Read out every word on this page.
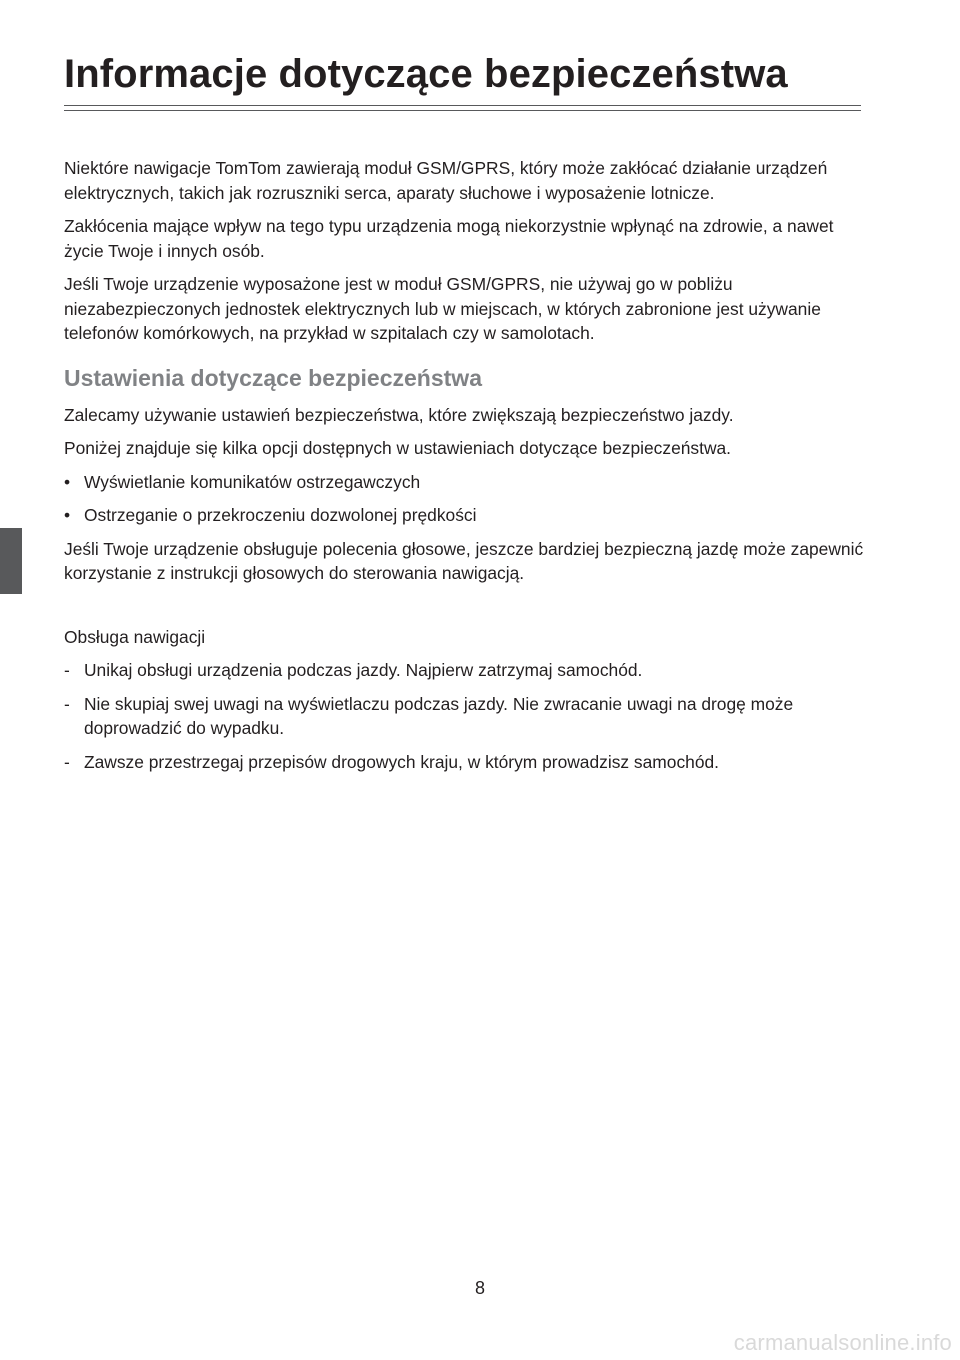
Informacje dotyczące bezpieczeństwa

Niektóre nawigacje TomTom zawierają moduł GSM/GPRS, który może zakłócać działanie urządzeń elektrycznych, takich jak rozruszniki serca, aparaty słuchowe i wyposażenie lotnicze.

Zakłócenia mające wpływ na tego typu urządzenia mogą niekorzystnie wpłynąć na zdrowie, a nawet życie Twoje i innych osób.

Jeśli Twoje urządzenie wyposażone jest w moduł GSM/GPRS, nie używaj go w pobliżu niezabezpieczonych jednostek elektrycznych lub w miejscach, w których zabronione jest używanie telefonów komórkowych, na przykład w szpitalach czy w samolotach.

Ustawienia dotyczące bezpieczeństwa

Zalecamy używanie ustawień bezpieczeństwa, które zwiększają bezpieczeństwo jazdy.

Poniżej znajduje się kilka opcji dostępnych w ustawieniach dotyczące bezpieczeństwa.

• Wyświetlanie komunikatów ostrzegawczych
• Ostrzeganie o przekroczeniu dozwolonej prędkości

Jeśli Twoje urządzenie obsługuje polecenia głosowe, jeszcze bardziej bezpieczną jazdę może zapewnić korzystanie z instrukcji głosowych do sterowania nawigacją.

Obsługa nawigacji

- Unikaj obsługi urządzenia podczas jazdy. Najpierw zatrzymaj samochód.
- Nie skupiaj swej uwagi na wyświetlaczu podczas jazdy. Nie zwracanie uwagi na drogę może doprowadzić do wypadku.
- Zawsze przestrzegaj przepisów drogowych kraju, w którym prowadzisz samochód.
8
carmanualsonline.info
